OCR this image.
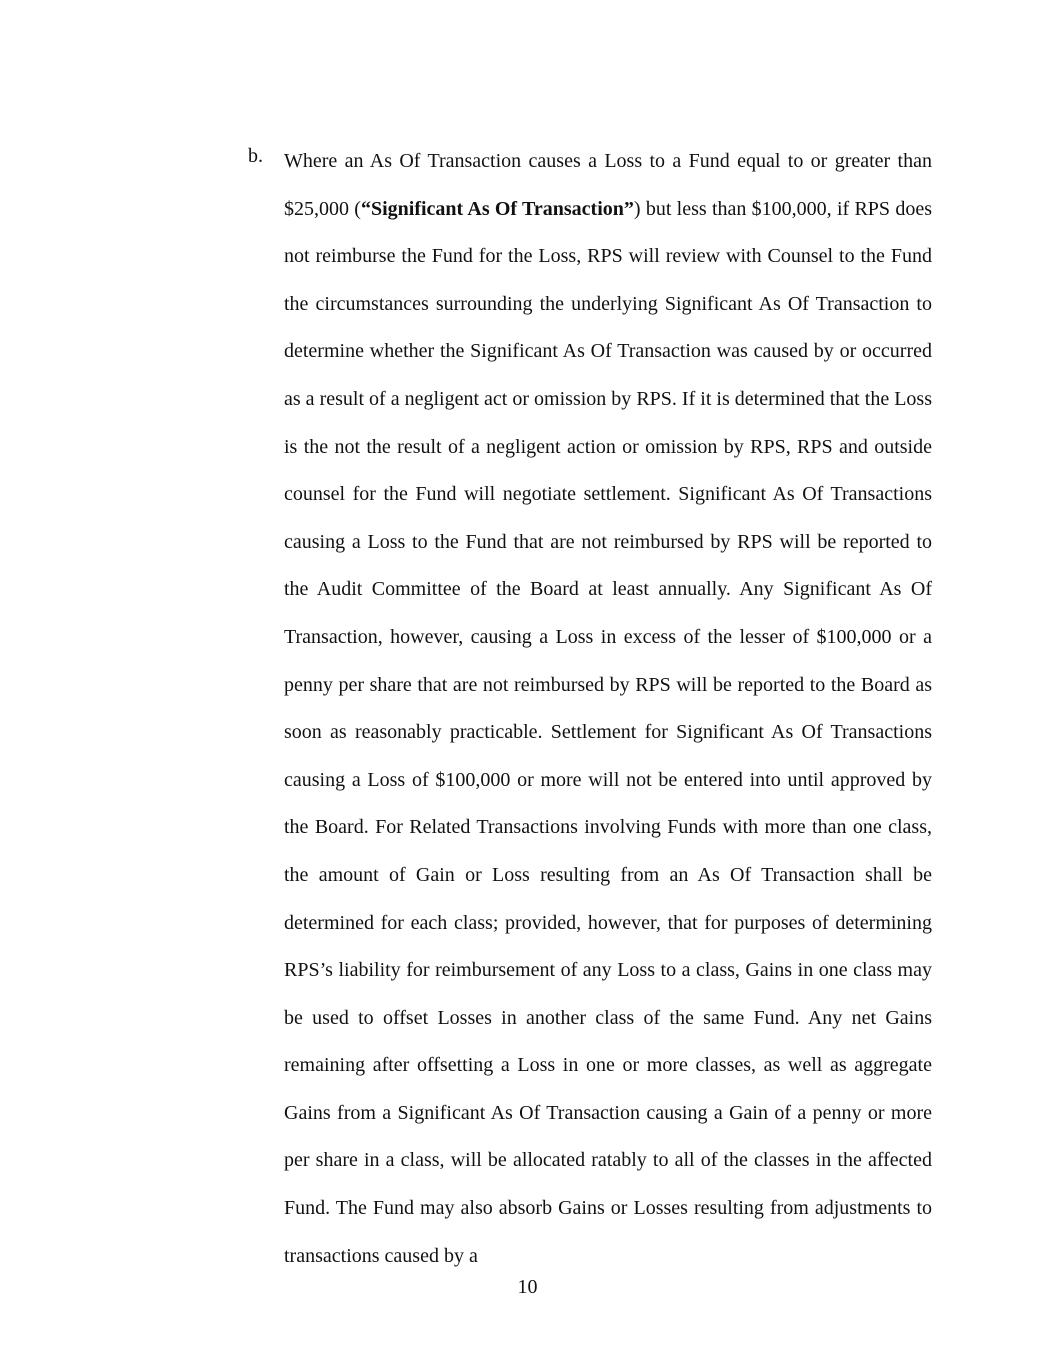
b. Where an As Of Transaction causes a Loss to a Fund equal to or greater than $25,000 (“Significant As Of Transaction”) but less than $100,000, if RPS does not reimburse the Fund for the Loss, RPS will review with Counsel to the Fund the circumstances surrounding the underlying Significant As Of Transaction to determine whether the Significant As Of Transaction was caused by or occurred as a result of a negligent act or omission by RPS. If it is determined that the Loss is the not the result of a negligent action or omission by RPS, RPS and outside counsel for the Fund will negotiate settlement. Significant As Of Transactions causing a Loss to the Fund that are not reimbursed by RPS will be reported to the Audit Committee of the Board at least annually. Any Significant As Of Transaction, however, causing a Loss in excess of the lesser of $100,000 or a penny per share that are not reimbursed by RPS will be reported to the Board as soon as reasonably practicable. Settlement for Significant As Of Transactions causing a Loss of $100,000 or more will not be entered into until approved by the Board. For Related Transactions involving Funds with more than one class, the amount of Gain or Loss resulting from an As Of Transaction shall be determined for each class; provided, however, that for purposes of determining RPS’s liability for reimbursement of any Loss to a class, Gains in one class may be used to offset Losses in another class of the same Fund. Any net Gains remaining after offsetting a Loss in one or more classes, as well as aggregate Gains from a Significant As Of Transaction causing a Gain of a penny or more per share in a class, will be allocated ratably to all of the classes in the affected Fund. The Fund may also absorb Gains or Losses resulting from adjustments to transactions caused by a

10
